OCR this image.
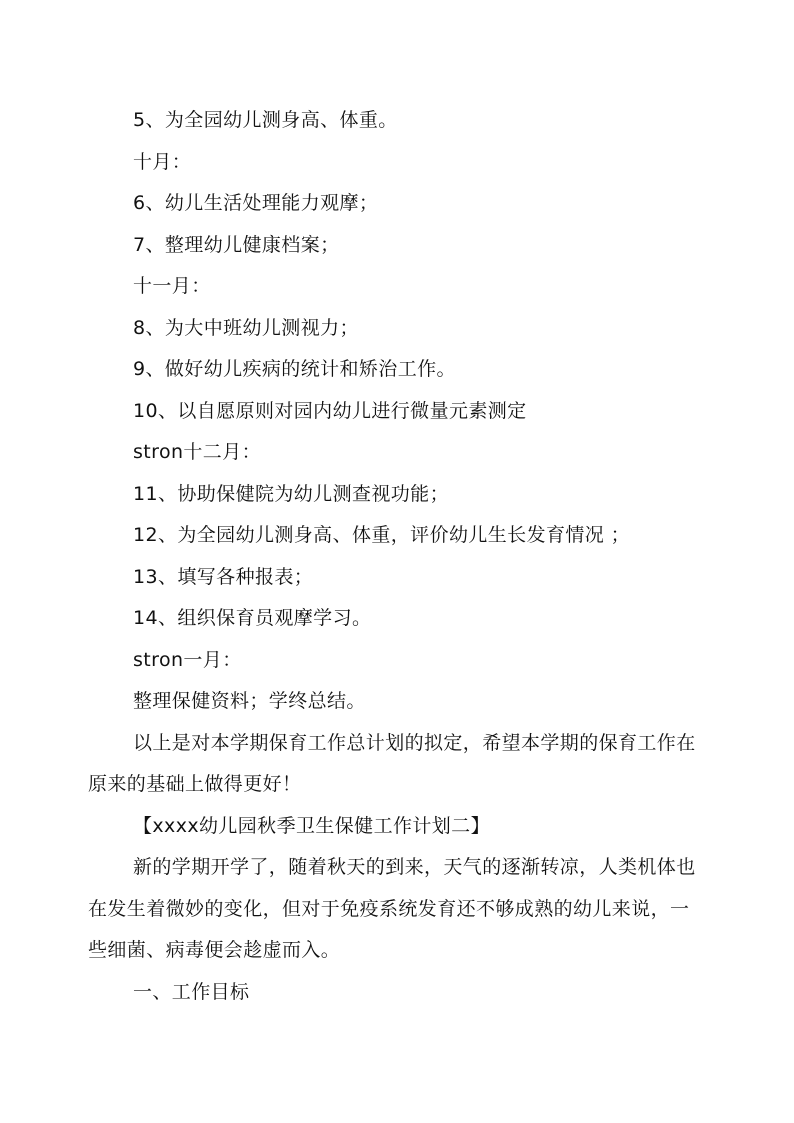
5、为全园幼儿测身高、体重。

十月：

6、幼儿生活处理能力观摩；

7、整理幼儿健康档案；

十一月：

8、为大中班幼儿测视力；

9、做好幼儿疾病的统计和矫治工作。

10、以自愿原则对园内幼儿进行微量元素测定

stron十二月：

11、协助保健院为幼儿测查视功能；

12、为全园幼儿测身高、体重，评价幼儿生长发育情况 ；

13、填写各种报表；

14、组织保育员观摩学习。

stron一月：

整理保健资料；学终总结。

以上是对本学期保育工作总计划的拟定，希望本学期的保育工作在原来的基础上做得更好！

【xxxx幼儿园秋季卫生保健工作计划二】

新的学期开学了，随着秋天的到来，天气的逐渐转凉，人类机体也在发生着微妙的变化，但对于免疫系统发育还不够成熟的幼儿来说，一些细菌、病毒便会趁虚而入。

一、工作目标
